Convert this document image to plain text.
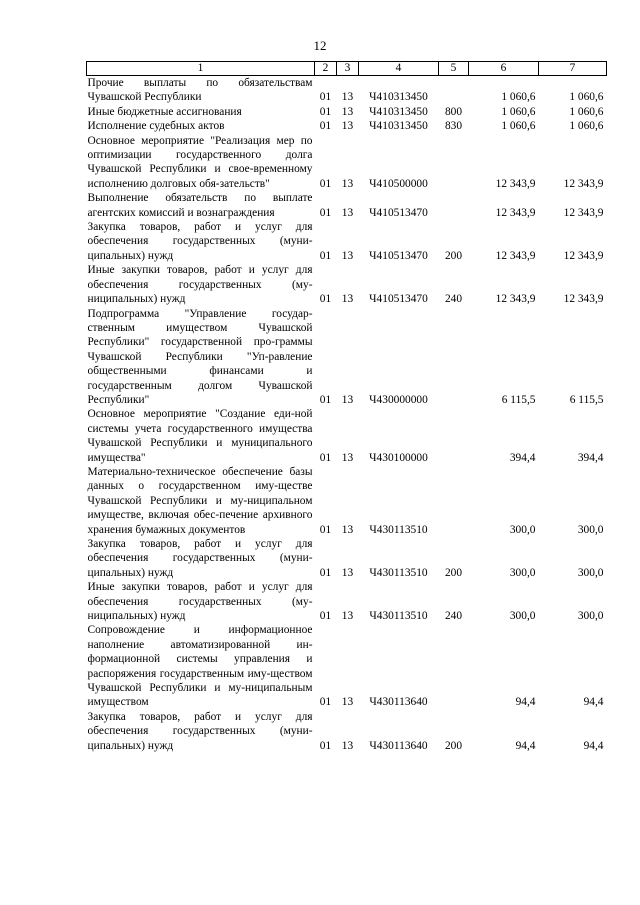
12
1	2	3	4	5	6	7
Прочие выплаты по обязательствам Чувашской Республики	01	13	Ч410313450		1 060,6	1 060,6
Иные бюджетные ассигнования	01	13	Ч410313450	800	1 060,6	1 060,6
Исполнение судебных актов	01	13	Ч410313450	830	1 060,6	1 060,6
Основное мероприятие "Реализация мер по оптимизации государственного долга Чувашской Республики и свое-временному исполнению долговых обя-зательств"	01	13	Ч410500000		12 343,9	12 343,9
Выполнение обязательств по выплате агентских комиссий и вознаграждения	01	13	Ч410513470		12 343,9	12 343,9
Закупка товаров, работ и услуг для обеспечения государственных (муни-ципальных) нужд	01	13	Ч410513470	200	12 343,9	12 343,9
Иные закупки товаров, работ и услуг для обеспечения государственных (му-ниципальных) нужд	01	13	Ч410513470	240	12 343,9	12 343,9
Подпрограмма "Управление государ-ственным имуществом Чувашской Республики" государственной про-граммы Чувашской Республики "Уп-равление общественными финансами и государственным долгом Чувашской Республики"	01	13	Ч430000000		6 115,5	6 115,5
Основное мероприятие "Создание еди-ной системы учета государственного имущества Чувашской Республики и муниципального имущества"	01	13	Ч430100000		394,4	394,4
Материально-техническое обеспечение базы данных о государственном иму-ществе Чувашской Республики и му-ниципальном имуществе, включая обес-печение архивного хранения бумажных документов	01	13	Ч430113510		300,0	300,0
Закупка товаров, работ и услуг для обеспечения государственных (муни-ципальных) нужд	01	13	Ч430113510	200	300,0	300,0
Иные закупки товаров, работ и услуг для обеспечения государственных (му-ниципальных) нужд	01	13	Ч430113510	240	300,0	300,0
Сопровождение и информационное наполнение автоматизированной ин-формационной системы управления и распоряжения государственным иму-ществом Чувашской Республики и му-ниципальным имуществом	01	13	Ч430113640		94,4	94,4
Закупка товаров, работ и услуг для обеспечения государственных (муни-ципальных) нужд	01	13	Ч430113640	200	94,4	94,4
